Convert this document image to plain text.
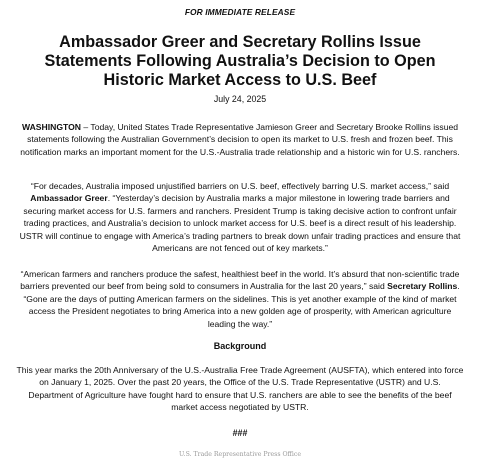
FOR IMMEDIATE RELEASE
Ambassador Greer and Secretary Rollins Issue Statements Following Australia’s Decision to Open Historic Market Access to U.S. Beef
July 24, 2025

WASHINGTON – Today, United States Trade Representative Jamieson Greer and Secretary Brooke Rollins issued statements following the Australian Government’s decision to open its market to U.S. fresh and frozen beef. This notification marks an important moment for the U.S.-Australia trade relationship and a historic win for U.S. ranchers.

“For decades, Australia imposed unjustified barriers on U.S. beef, effectively barring U.S. market access,” said Ambassador Greer. “Yesterday’s decision by Australia marks a major milestone in lowering trade barriers and securing market access for U.S. farmers and ranchers. President Trump is taking decisive action to confront unfair trading practices, and Australia’s decision to unlock market access for U.S. beef is a direct result of his leadership. USTR will continue to engage with America’s trading partners to break down unfair trading practices and ensure that Americans are not fenced out of key markets.”

“American farmers and ranchers produce the safest, healthiest beef in the world. It’s absurd that non-scientific trade barriers prevented our beef from being sold to consumers in Australia for the last 20 years,” said Secretary Rollins. “Gone are the days of putting American farmers on the sidelines. This is yet another example of the kind of market access the President negotiates to bring America into a new golden age of prosperity, with American agriculture leading the way.”

Background

This year marks the 20th Anniversary of the U.S.-Australia Free Trade Agreement (AUSFTA), which entered into force on January 1, 2025. Over the past 20 years, the Office of the U.S. Trade Representative (USTR) and U.S. Department of Agriculture have fought hard to ensure that U.S. ranchers are able to see the benefits of the beef market access negotiated by USTR.

###
U.S. Trade Representative Press Office
